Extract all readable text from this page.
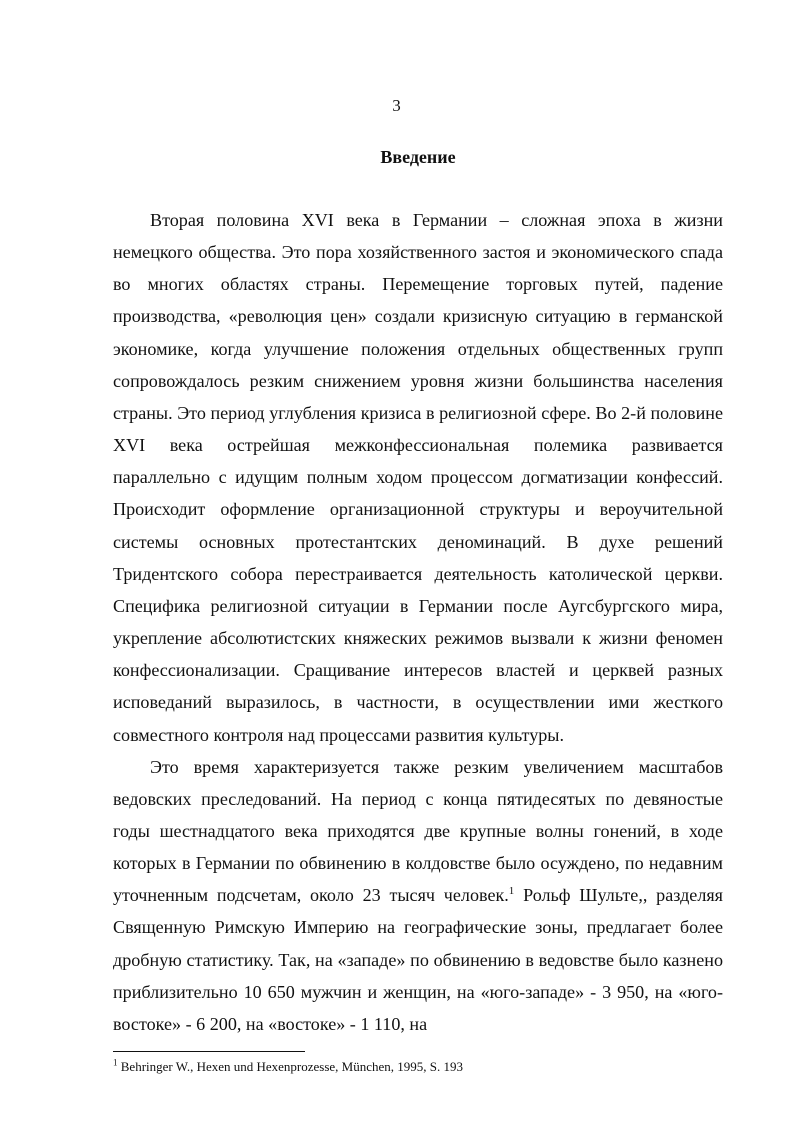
3
Введение

Вторая половина XVI века в Германии – сложная эпоха в жизни немецкого общества. Это пора хозяйственного застоя и экономического спада во многих областях страны. Перемещение торговых путей, падение производства, «революция цен» создали кризисную ситуацию в германской экономике, когда улучшение положения отдельных общественных групп сопровождалось резким снижением уровня жизни большинства населения страны. Это период углубления кризиса в религиозной сфере. Во 2-й половине XVI века острейшая межконфессиональная полемика развивается параллельно с идущим полным ходом процессом догматизации конфессий. Происходит оформление организационной структуры и вероучительной системы основных протестантских деноминаций. В духе решений Тридентского собора перестраивается деятельность католической церкви. Специфика религиозной ситуации в Германии после Аугсбургского мира, укрепление абсолютистских княжеских режимов вызвали к жизни феномен конфессионализации. Сращивание интересов властей и церквей разных исповеданий выразилось, в частности, в осуществлении ими жесткого совместного контроля над процессами развития культуры.

Это время характеризуется также резким увеличением масштабов ведовских преследований. На период с конца пятидесятых по девяностые годы шестнадцатого века приходятся две крупные волны гонений, в ходе которых в Германии по обвинению в колдовстве было осуждено, по недавним уточненным подсчетам, около 23 тысяч человек.$^1$ Рольф Шульте,, разделяя Священную Римскую Империю на географические зоны, предлагает более дробную статистику. Так, на «западе» по обвинению в ведовстве было казнено приблизительно 10 650 мужчин и женщин, на «юго-западе» - 3 950, на «юго-востоке» - 6 200, на «востоке» - 1 110, на

$^1$ Behringer W., Hexen und Hexenprozesse, München, 1995, S. 193
